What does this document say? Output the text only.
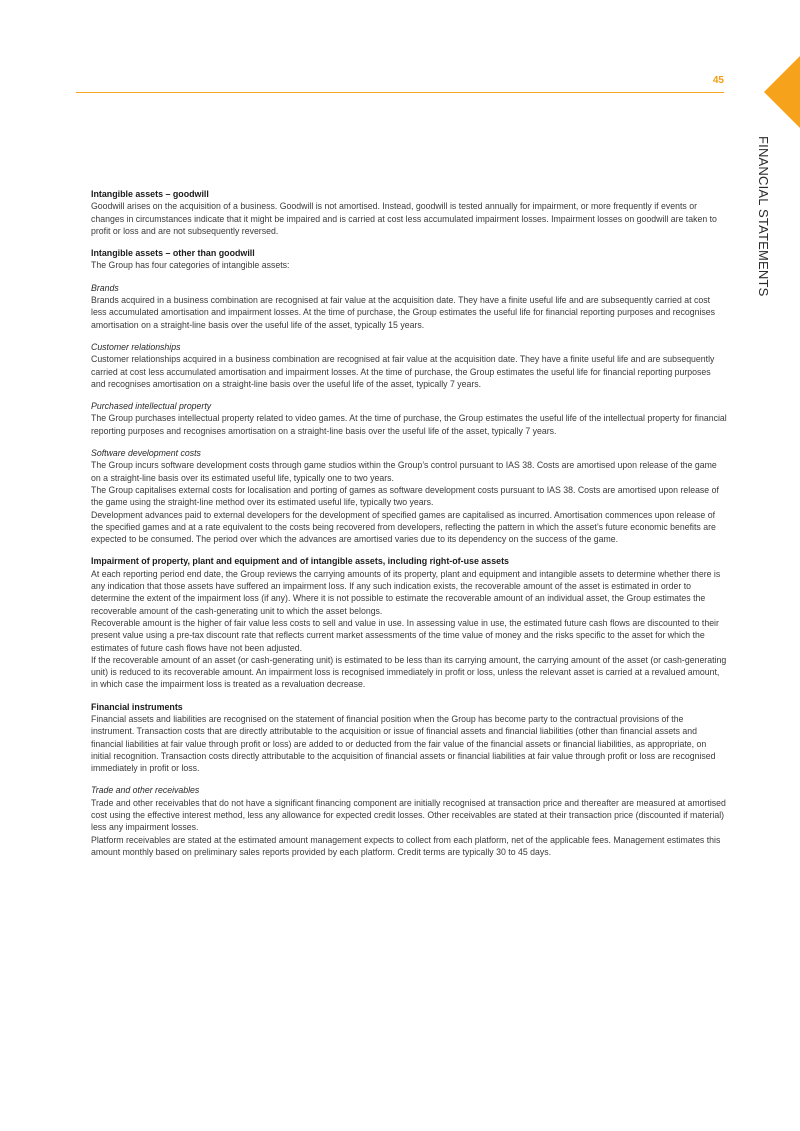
45
FINANCIAL STATEMENTS

Intangible assets – goodwill

Goodwill arises on the acquisition of a business. Goodwill is not amortised. Instead, goodwill is tested annually for impairment, or more frequently if events or changes in circumstances indicate that it might be impaired and is carried at cost less accumulated impairment losses. Impairment losses on goodwill are taken to profit or loss and are not subsequently reversed.

Intangible assets – other than goodwill

The Group has four categories of intangible assets:

Brands

Brands acquired in a business combination are recognised at fair value at the acquisition date. They have a finite useful life and are subsequently carried at cost less accumulated amortisation and impairment losses. At the time of purchase, the Group estimates the useful life for financial reporting purposes and recognises amortisation on a straight-line basis over the useful life of the asset, typically 15 years.

Customer relationships

Customer relationships acquired in a business combination are recognised at fair value at the acquisition date. They have a finite useful life and are subsequently carried at cost less accumulated amortisation and impairment losses. At the time of purchase, the Group estimates the useful life for financial reporting purposes and recognises amortisation on a straight-line basis over the useful life of the asset, typically 7 years.

Purchased intellectual property

The Group purchases intellectual property related to video games. At the time of purchase, the Group estimates the useful life of the intellectual property for financial reporting purposes and recognises amortisation on a straight-line basis over the useful life of the asset, typically 7 years.

Software development costs

The Group incurs software development costs through game studios within the Group’s control pursuant to IAS 38. Costs are amortised upon release of the game on a straight-line basis over its estimated useful life, typically one to two years.

The Group capitalises external costs for localisation and porting of games as software development costs pursuant to IAS 38. Costs are amortised upon release of the game using the straight‐line method over its estimated useful life, typically two years.

Development advances paid to external developers for the development of specified games are capitalised as incurred. Amortisation commences upon release of the specified games and at a rate equivalent to the costs being recovered from developers, reflecting the pattern in which the asset’s future economic benefits are expected to be consumed. The period over which the advances are amortised varies due to its dependency on the success of the game.

Impairment of property, plant and equipment and of intangible assets, including right-of-use assets

At each reporting period end date, the Group reviews the carrying amounts of its property, plant and equipment and intangible assets to determine whether there is any indication that those assets have suffered an impairment loss. If any such indication exists, the recoverable amount of the asset is estimated in order to determine the extent of the impairment loss (if any). Where it is not possible to estimate the recoverable amount of an individual asset, the Group estimates the recoverable amount of the cash-generating unit to which the asset belongs.

Recoverable amount is the higher of fair value less costs to sell and value in use. In assessing value in use, the estimated future cash flows are discounted to their present value using a pre-tax discount rate that reflects current market assessments of the time value of money and the risks specific to the asset for which the estimates of future cash flows have not been adjusted.

If the recoverable amount of an asset (or cash-generating unit) is estimated to be less than its carrying amount, the carrying amount of the asset (or cash-generating unit) is reduced to its recoverable amount. An impairment loss is recognised immediately in profit or loss, unless the relevant asset is carried at a revalued amount, in which case the impairment loss is treated as a revaluation decrease.

Financial instruments

Financial assets and liabilities are recognised on the statement of financial position when the Group has become party to the contractual provisions of the instrument. Transaction costs that are directly attributable to the acquisition or issue of financial assets and financial liabilities (other than financial assets and financial liabilities at fair value through profit or loss) are added to or deducted from the fair value of the financial assets or financial liabilities, as appropriate, on initial recognition. Transaction costs directly attributable to the acquisition of financial assets or financial liabilities at fair value through profit or loss are recognised immediately in profit or loss.

Trade and other receivables

Trade and other receivables that do not have a significant financing component are initially recognised at transaction price and thereafter are measured at amortised cost using the effective interest method, less any allowance for expected credit losses. Other receivables are stated at their transaction price (discounted if material) less any impairment losses.

Platform receivables are stated at the estimated amount management expects to collect from each platform, net of the applicable fees. Management estimates this amount monthly based on preliminary sales reports provided by each platform. Credit terms are typically 30 to 45 days.
